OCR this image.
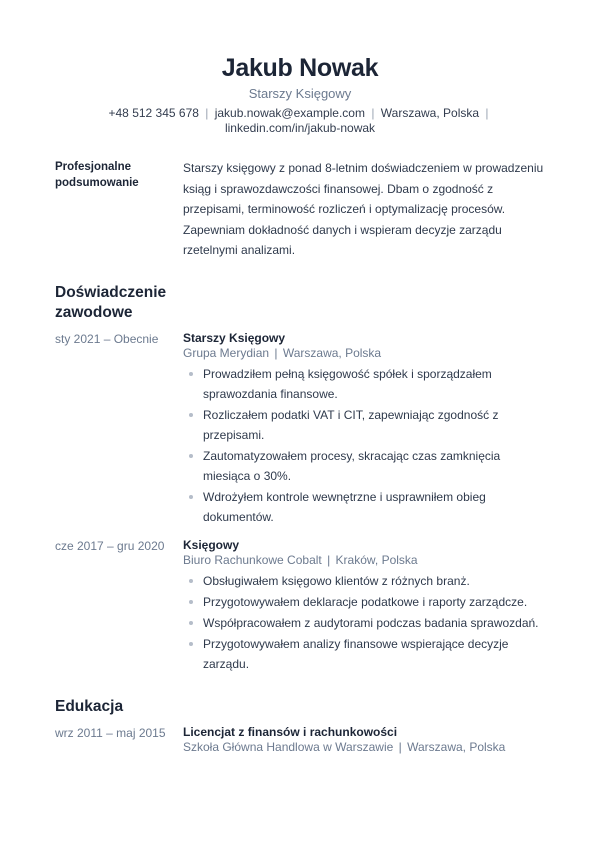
Jakub Nowak
Starszy Księgowy
+48 512 345 678 | jakub.nowak@example.com | Warszawa, Polska | linkedin.com/in/jakub-nowak
Profesjonalne podsumowanie
Starszy księgowy z ponad 8-letnim doświadczeniem w prowadzeniu ksiąg i sprawozdawczości finansowej. Dbam o zgodność z przepisami, terminowość rozliczeń i optymalizację procesów. Zapewniam dokładność danych i wspieram decyzje zarządu rzetelnymi analizami.
Doświadczenie zawodowe
sty 2021 – Obecnie	Starszy Księgowy
Grupa Merydian | Warszawa, Polska
Prowadziłem pełną księgowość spółek i sporządzałem sprawozdania finansowe.
Rozliczałem podatki VAT i CIT, zapewniając zgodność z przepisami.
Zautomatyzowałem procesy, skracając czas zamknięcia miesiąca o 30%.
Wdrożyłem kontrole wewnętrzne i usprawniłem obieg dokumentów.
cze 2017 – gru 2020	Księgowy
Biuro Rachunkowe Cobalt | Kraków, Polska
Obsługiwałem księgowo klientów z różnych branż.
Przygotowywałem deklaracje podatkowe i raporty zarządcze.
Współpracowałem z audytorami podczas badania sprawozdań.
Przygotowywałem analizy finansowe wspierające decyzje zarządu.
Edukacja
wrz 2011 – maj 2015	Licencjat z finansów i rachunkowości
Szkoła Główna Handlowa w Warszawie | Warszawa, Polska
